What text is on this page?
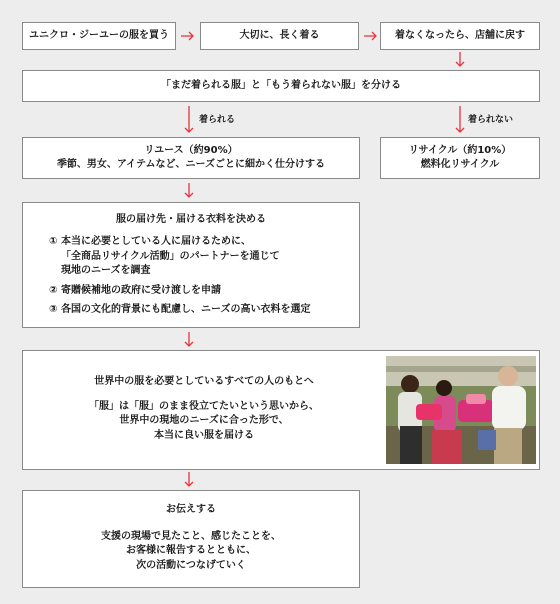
ユニクロ・ジーユーの服を買う	大切に、長く着る	着なくなったら、店舗に戻す
「まだ着られる服」と「もう着られない服」を分ける
着られる	着られない
リユース（約90%）
季節、男女、アイテムなど、ニーズごとに細かく仕分けする
リサイクル（約10%）
燃料化リサイクル
服の届け先・届ける衣料を決める
① 本当に必要としている人に届けるために、
「全商品リサイクル活動」のパートナーを通じて
現地のニーズを調査
② 寄贈候補地の政府に受け渡しを申請
③ 各国の文化的背景にも配慮し、ニーズの高い衣料を選定
世界中の服を必要としているすべての人のもとへ
「服」は「服」のまま役立てたいという思いから、
世界中の現地のニーズに合った形で、
本当に良い服を届ける
お伝えする
支援の現場で見たこと、感じたことを、
お客様に報告するとともに、
次の活動につなげていく
